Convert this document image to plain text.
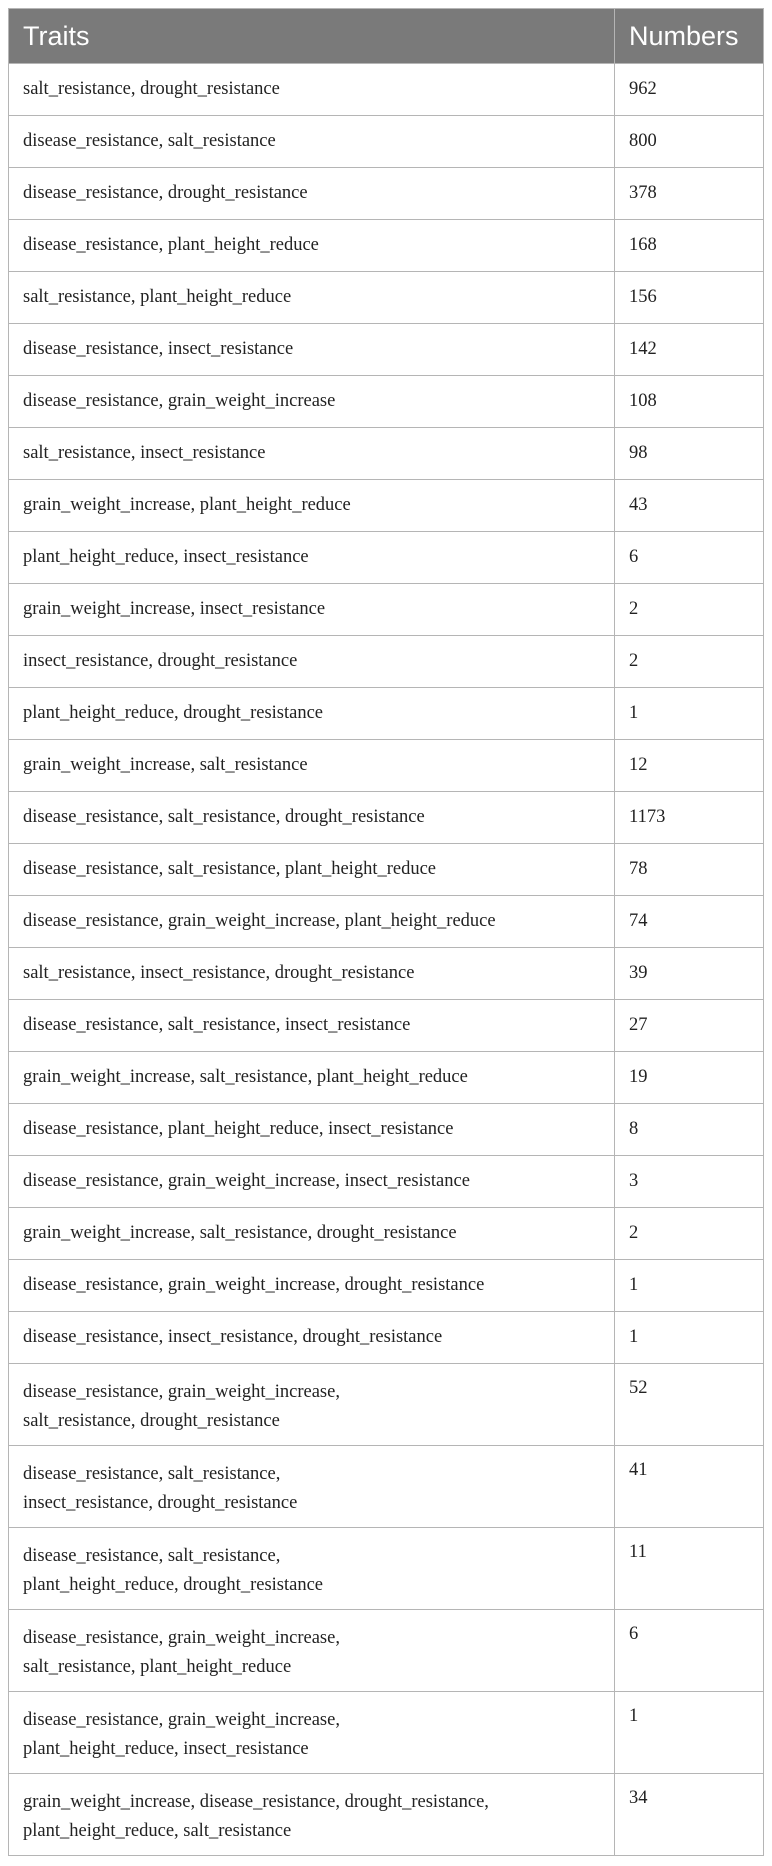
Traits	Numbers

salt_resistance, drought_resistance	962

disease_resistance, salt_resistance	800

disease_resistance, drought_resistance	378

disease_resistance, plant_height_reduce	168

salt_resistance, plant_height_reduce	156

disease_resistance, insect_resistance	142

disease_resistance, grain_weight_increase	108

salt_resistance, insect_resistance	98

grain_weight_increase, plant_height_reduce	43

plant_height_reduce, insect_resistance	6

grain_weight_increase, insect_resistance	2

insect_resistance, drought_resistance	2

plant_height_reduce, drought_resistance	1

grain_weight_increase, salt_resistance	12

disease_resistance, salt_resistance, drought_resistance	1173

disease_resistance, salt_resistance, plant_height_reduce	78

disease_resistance, grain_weight_increase, plant_height_reduce	74

salt_resistance, insect_resistance, drought_resistance	39

disease_resistance, salt_resistance, insect_resistance	27

grain_weight_increase, salt_resistance, plant_height_reduce	19

disease_resistance, plant_height_reduce, insect_resistance	8

disease_resistance, grain_weight_increase, insect_resistance	3

grain_weight_increase, salt_resistance, drought_resistance	2

disease_resistance, grain_weight_increase, drought_resistance	1

disease_resistance, insect_resistance, drought_resistance	1

disease_resistance, grain_weight_increase,
salt_resistance, drought_resistance	52

disease_resistance, salt_resistance,
insect_resistance, drought_resistance	41

disease_resistance, salt_resistance,
plant_height_reduce, drought_resistance	11

disease_resistance, grain_weight_increase,
salt_resistance, plant_height_reduce	6

disease_resistance, grain_weight_increase,
plant_height_reduce, insect_resistance	1

grain_weight_increase, disease_resistance, drought_resistance,
plant_height_reduce, salt_resistance	34
